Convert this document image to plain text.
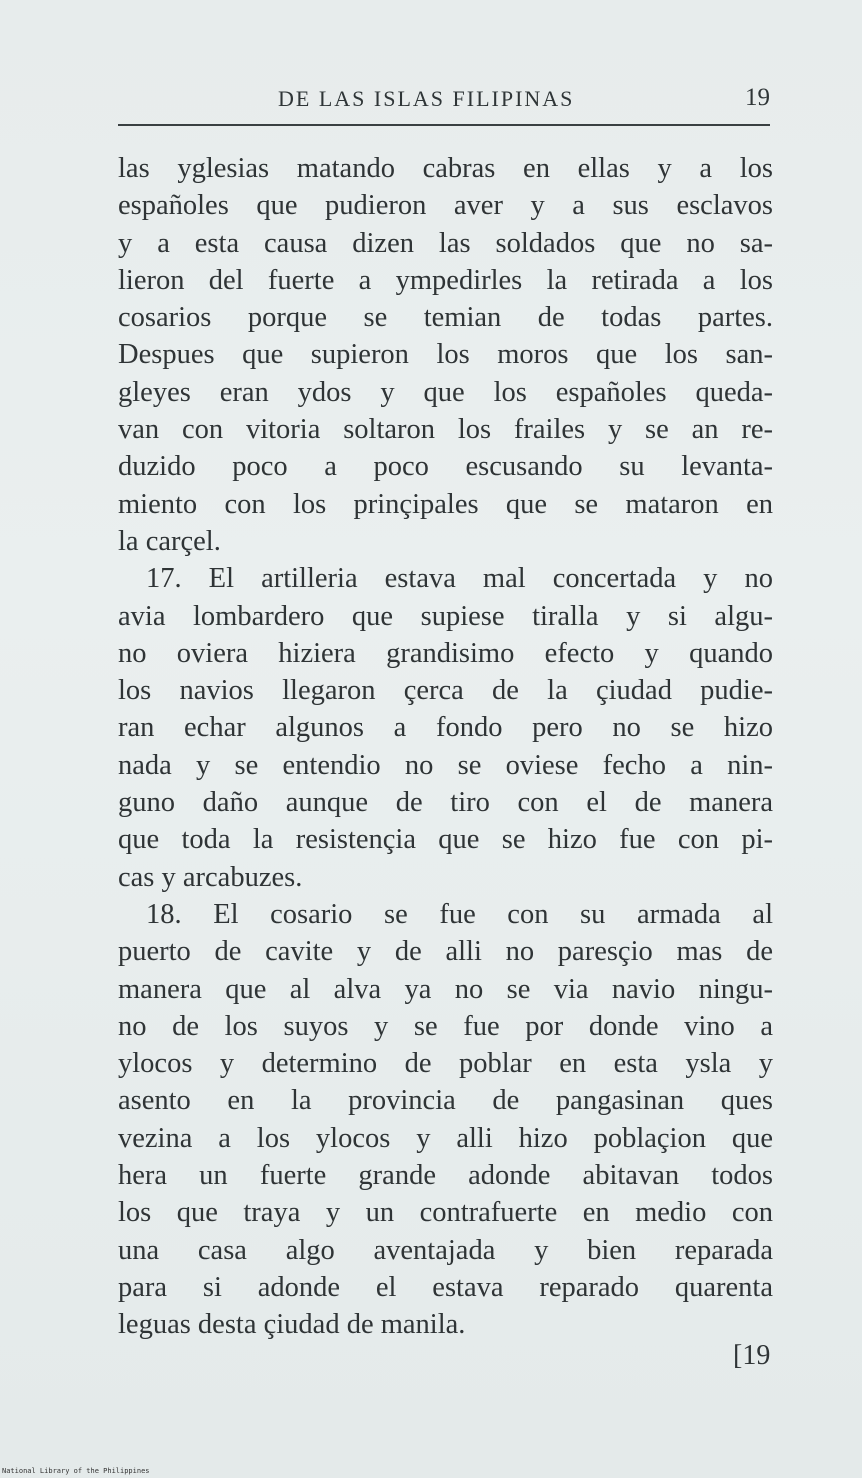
DE LAS ISLAS FILIPINAS	19
las yglesias matando cabras en ellas y a los
españoles que pudieron aver y a sus esclavos
y a esta causa dizen las soldados que no sa-
lieron del fuerte a ympedirles la retirada a los
cosarios porque se temian de todas partes.
Despues que supieron los moros que los san-
gleyes eran ydos y que los españoles queda-
van con vitoria soltaron los frailes y se an re-
duzido poco a poco escusando su levanta-
miento con los prinçipales que se mataron en
la carçel.
17. El artilleria estava mal concertada y no
avia lombardero que supiese tiralla y si algu-
no oviera hiziera grandisimo efecto y quando
los navios llegaron çerca de la çiudad pudie-
ran echar algunos a fondo pero no se hizo
nada y se entendio no se oviese fecho a nin-
guno daño aunque de tiro con el de manera
que toda la resistençia que se hizo fue con pi-
cas y arcabuzes.
18. El cosario se fue con su armada al
puerto de cavite y de alli no paresçio mas de
manera que al alva ya no se via navio ningu-
no de los suyos y se fue por donde vino a
ylocos y determino de poblar en esta ysla y
asento en la provincia de pangasinan ques
vezina a los ylocos y alli hizo poblaçion que
hera un fuerte grande adonde abitavan todos
los que traya y un contrafuerte en medio con
una casa algo aventajada y bien reparada
para si adonde el estava reparado quarenta
leguas desta çiudad de manila.
[19
National Library of the Philippines
